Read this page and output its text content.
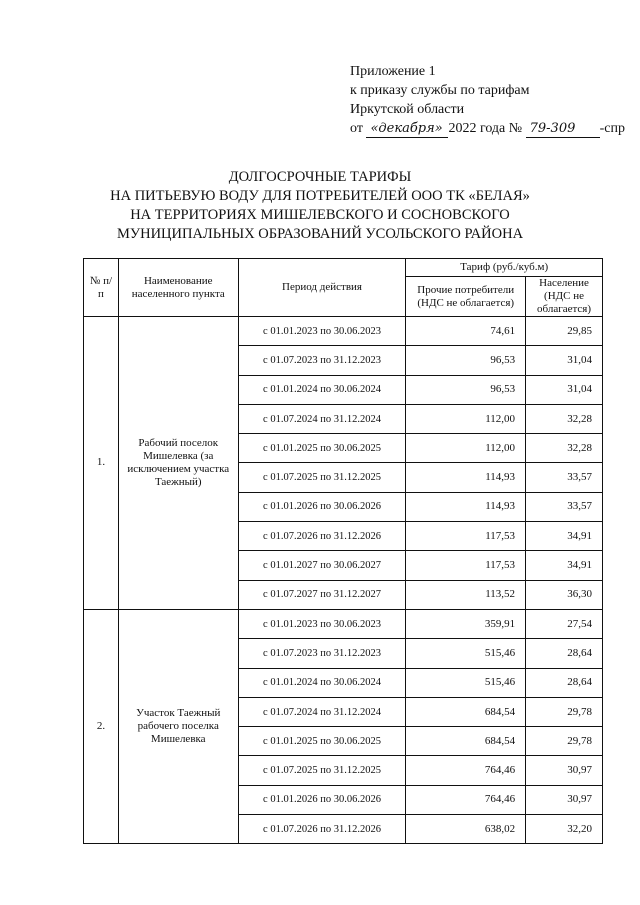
Приложение 1
к приказу службы по тарифам
Иркутской области
от «декабря» 2022 года № 79-309 -спр
ДОЛГОСРОЧНЫЕ ТАРИФЫ
НА ПИТЬЕВУЮ ВОДУ ДЛЯ ПОТРЕБИТЕЛЕЙ ООО ТК «БЕЛАЯ»
НА ТЕРРИТОРИЯХ МИШЕЛЕВСКОГО И СОСНОВСКОГО
МУНИЦИПАЛЬНЫХ ОБРАЗОВАНИЙ УСОЛЬСКОГО РАЙОНА
№ п/п	Наименование населенного пункта	Период действия	Тариф (руб./куб.м)	
			Прочие потребители (НДС не облагается)	Население (НДС не облагается)
1.	Рабочий поселок Мишелевка (за исключением участка Таежный)	с 01.01.2023 по 30.06.2023	74,61	29,85
		с 01.07.2023 по 31.12.2023	96,53	31,04
		с 01.01.2024 по 30.06.2024	96,53	31,04
		с 01.07.2024 по 31.12.2024	112,00	32,28
		с 01.01.2025 по 30.06.2025	112,00	32,28
		с 01.07.2025 по 31.12.2025	114,93	33,57
		с 01.01.2026 по 30.06.2026	114,93	33,57
		с 01.07.2026 по 31.12.2026	117,53	34,91
		с 01.01.2027 по 30.06.2027	117,53	34,91
		с 01.07.2027 по 31.12.2027	113,52	36,30
2.	Участок Таежный рабочего поселка Мишелевка	с 01.01.2023 по 30.06.2023	359,91	27,54
		с 01.07.2023 по 31.12.2023	515,46	28,64
		с 01.01.2024 по 30.06.2024	515,46	28,64
		с 01.07.2024 по 31.12.2024	684,54	29,78
		с 01.01.2025 по 30.06.2025	684,54	29,78
		с 01.07.2025 по 31.12.2025	764,46	30,97
		с 01.01.2026 по 30.06.2026	764,46	30,97
		с 01.07.2026 по 31.12.2026	638,02	32,20
